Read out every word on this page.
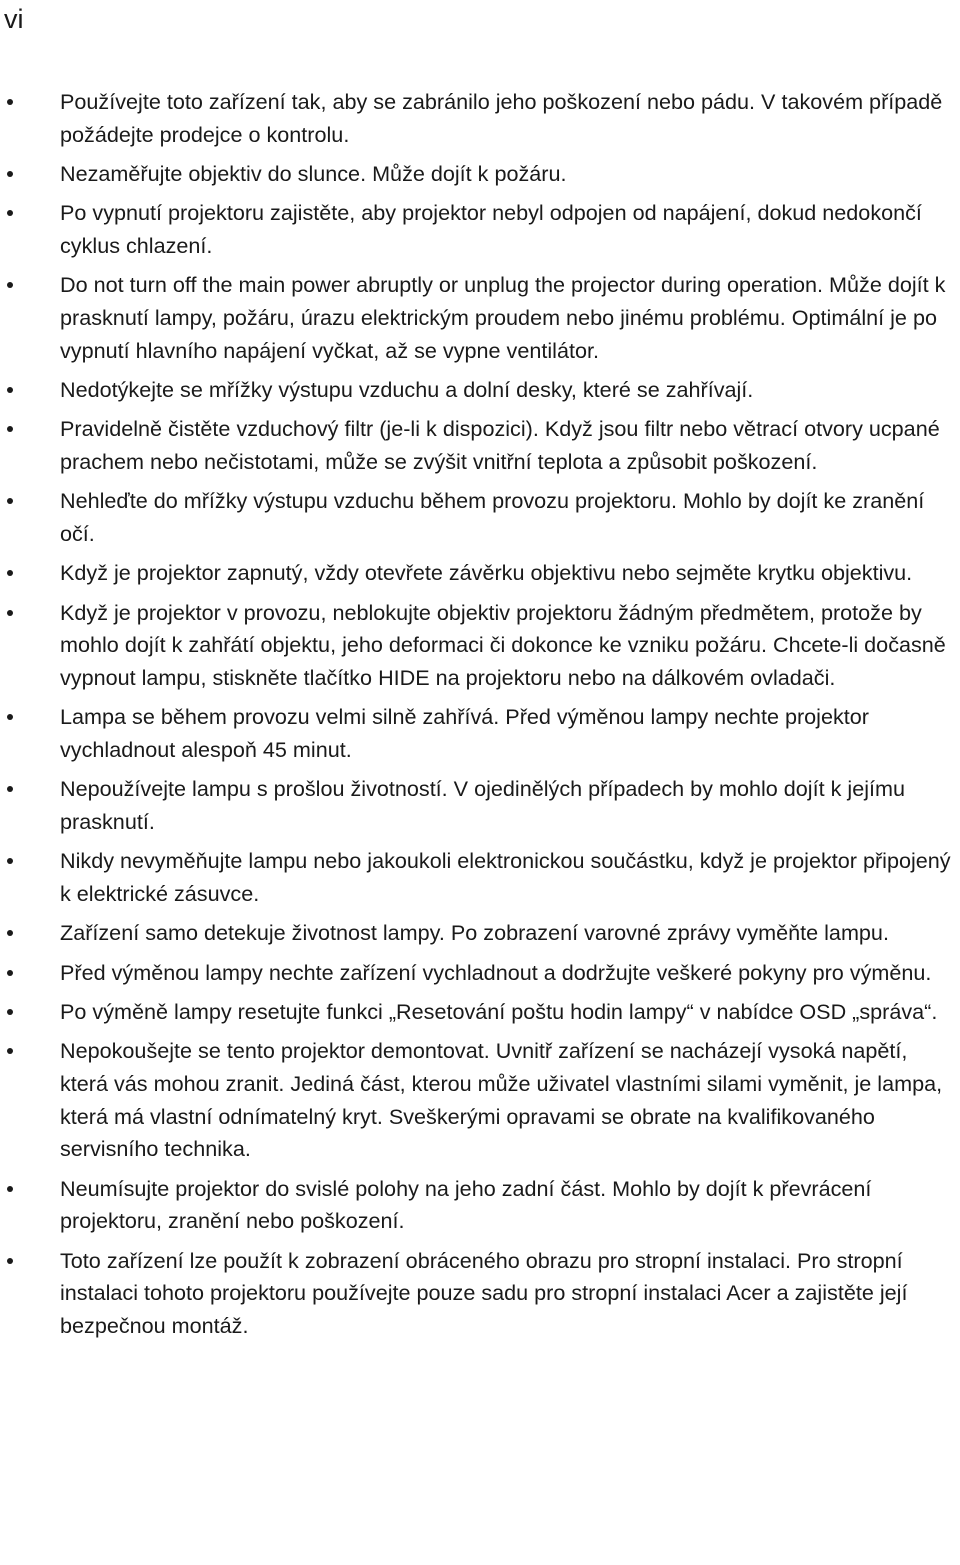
vi
Používejte toto zařízení tak, aby se zabránilo jeho poškození nebo pádu. V takovém případě požádejte prodejce o kontrolu.
Nezaměřujte objektiv do slunce. Může dojít k požáru.
Po vypnutí projektoru zajistěte, aby projektor nebyl odpojen od napájení, dokud nedokončí cyklus chlazení.
Do not turn off the main power abruptly or unplug the projector during operation. Může dojít k prasknutí lampy, požáru, úrazu elektrickým proudem nebo jinému problému. Optimální je po vypnutí hlavního napájení vyčkat, až se vypne ventilátor.
Nedotýkejte se mřížky výstupu vzduchu a dolní desky, které se zahřívají.
Pravidelně čistěte vzduchový filtr (je-li k dispozici). Když jsou filtr nebo větrací otvory ucpané prachem nebo nečistotami, může se zvýšit vnitřní teplota a způsobit poškození.
Nehleďte do mřížky výstupu vzduchu během provozu projektoru. Mohlo by dojít ke zranění očí.
Když je projektor zapnutý, vždy otevřete závěrku objektivu nebo sejměte krytku objektivu.
Když je projektor v provozu, neblokujte objektiv projektoru žádným předmětem, protože by mohlo dojít k zahřátí objektu, jeho deformaci či dokonce ke vzniku požáru. Chcete-li dočasně vypnout lampu, stiskněte tlačítko HIDE na projektoru nebo na dálkovém ovladači.
Lampa se během provozu velmi silně zahřívá. Před výměnou lampy nechte projektor vychladnout alespoň 45 minut.
Nepoužívejte lampu s prošlou životností. V ojedinělých případech by mohlo dojít k jejímu prasknutí.
Nikdy nevyměňujte lampu nebo jakoukoli elektronickou součástku, když je projektor připojený k elektrické zásuvce.
Zařízení samo detekuje životnost lampy. Po zobrazení varovné zprávy vyměňte lampu.
Před výměnou lampy nechte zařízení vychladnout a dodržujte veškeré pokyny pro výměnu.
Po výměně lampy resetujte funkci „Resetování poštu hodin lampy“ v nabídce OSD „správa“.
Nepokoušejte se tento projektor demontovat. Uvnitř zařízení se nacházejí vysoká napětí, která vás mohou zranit. Jediná část, kterou může uživatel vlastními silami vyměnit, je lampa, která má vlastní odnímatelný kryt. Sveškerými opravami se obrate na kvalifikovaného servisního technika.
Neumísujte projektor do svislé polohy na jeho zadní část. Mohlo by dojít k převrácení projektoru, zranění nebo poškození.
Toto zařízení lze použít k zobrazení obráceného obrazu pro stropní instalaci. Pro stropní instalaci tohoto projektoru používejte pouze sadu pro stropní instalaci Acer a zajistěte její bezpečnou montáž.
